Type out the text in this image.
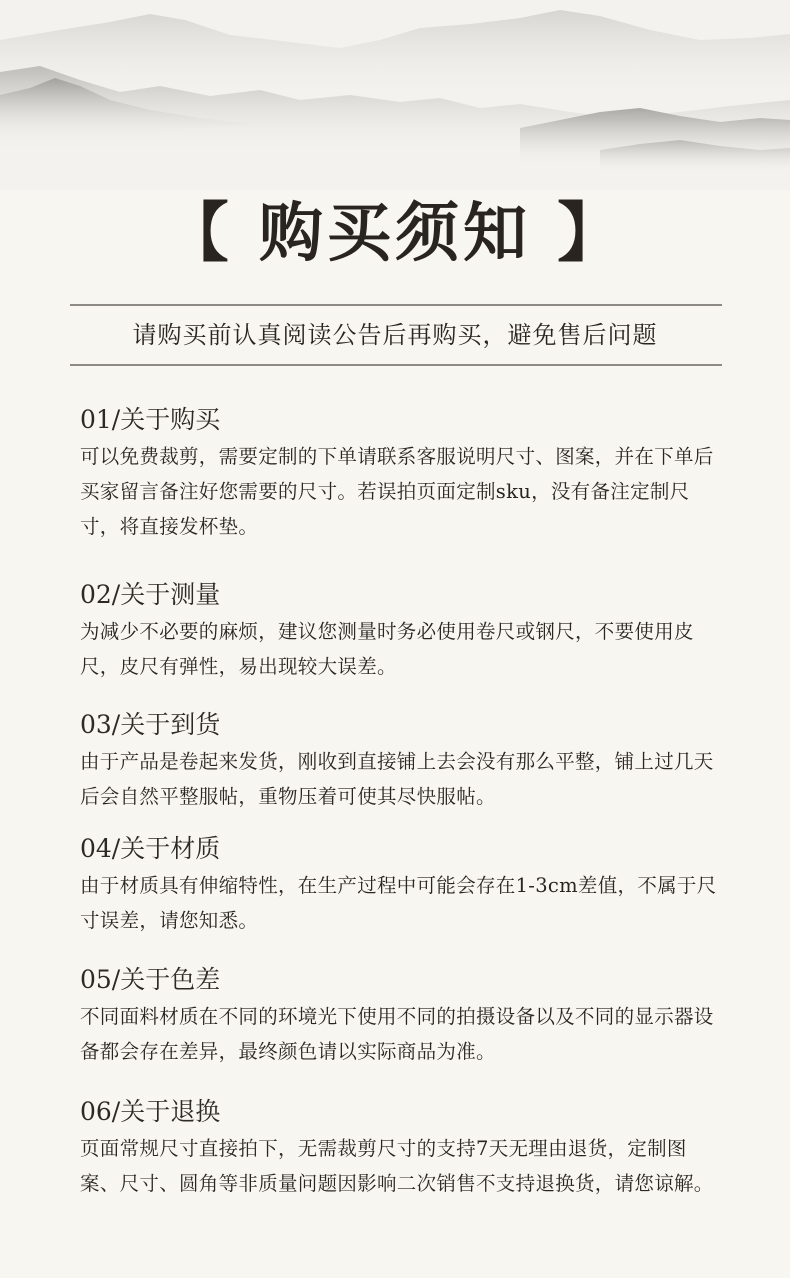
【 购买须知 】
请购买前认真阅读公告后再购买，避免售后问题
01/关于购买
可以免费裁剪，需要定制的下单请联系客服说明尺寸、图案，并在下单后买家留言备注好您需要的尺寸。若误拍页面定制sku，没有备注定制尺寸，将直接发杯垫。
02/关于测量
为减少不必要的麻烦，建议您测量时务必使用卷尺或钢尺，不要使用皮尺，皮尺有弹性，易出现较大误差。
03/关于到货
由于产品是卷起来发货，刚收到直接铺上去会没有那么平整，铺上过几天后会自然平整服帖，重物压着可使其尽快服帖。
04/关于材质
由于材质具有伸缩特性，在生产过程中可能会存在1-3cm差值，不属于尺寸误差，请您知悉。
05/关于色差
不同面料材质在不同的环境光下使用不同的拍摄设备以及不同的显示器设备都会存在差异，最终颜色请以实际商品为准。
06/关于退换
页面常规尺寸直接拍下，无需裁剪尺寸的支持7天无理由退货，定制图案、尺寸、圆角等非质量问题因影响二次销售不支持退换货，请您谅解。
